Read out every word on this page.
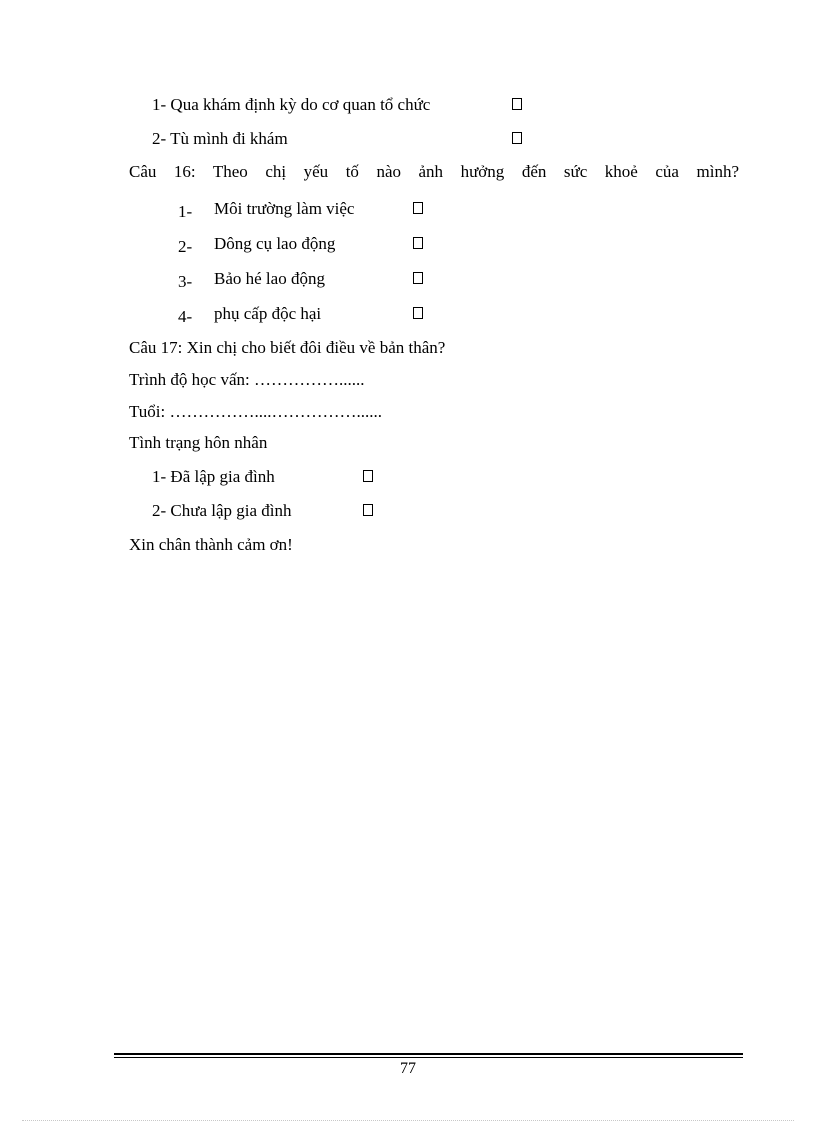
1- Qua khám định kỳ do cơ quan tổ chức
2- Tù mình đi khám
Câu 16: Theo chị yếu tố nào ảnh hưởng đến sức khoẻ của mình?
1- Môi trường làm việc
2- Dông cụ lao động
3- Bảo hé lao động
4- phụ cấp độc hại
Câu 17: Xin chị cho biết đôi điều về bản thân?
Trình độ học vấn: ……………......
Tuổi: ……………....……………......
Tình trạng hôn nhân
1- Đã lập gia đình
2- Chưa lập gia đình
Xin chân thành cảm ơn!
77
